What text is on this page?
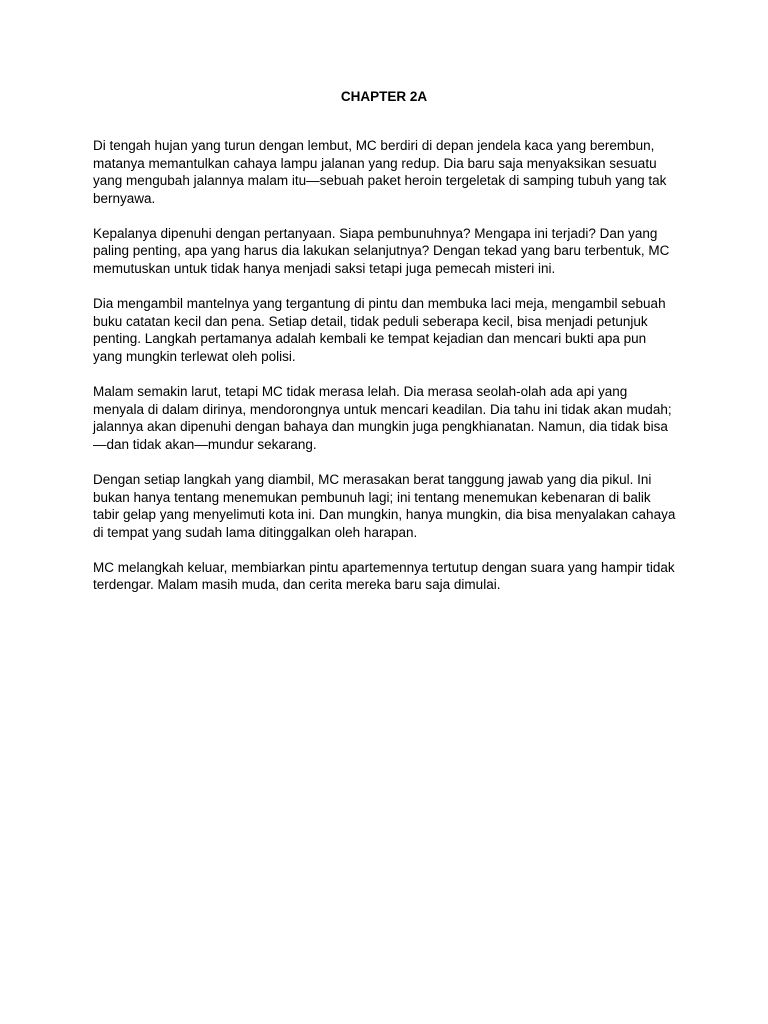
CHAPTER 2A

Di tengah hujan yang turun dengan lembut, MC berdiri di depan jendela kaca yang berembun, matanya memantulkan cahaya lampu jalanan yang redup. Dia baru saja menyaksikan sesuatu yang mengubah jalannya malam itu—sebuah paket heroin tergeletak di samping tubuh yang tak bernyawa.

Kepalanya dipenuhi dengan pertanyaan. Siapa pembunuhnya? Mengapa ini terjadi? Dan yang paling penting, apa yang harus dia lakukan selanjutnya? Dengan tekad yang baru terbentuk, MC memutuskan untuk tidak hanya menjadi saksi tetapi juga pemecah misteri ini.

Dia mengambil mantelnya yang tergantung di pintu dan membuka laci meja, mengambil sebuah buku catatan kecil dan pena. Setiap detail, tidak peduli seberapa kecil, bisa menjadi petunjuk penting. Langkah pertamanya adalah kembali ke tempat kejadian dan mencari bukti apa pun yang mungkin terlewat oleh polisi.

Malam semakin larut, tetapi MC tidak merasa lelah. Dia merasa seolah-olah ada api yang menyala di dalam dirinya, mendorongnya untuk mencari keadilan. Dia tahu ini tidak akan mudah; jalannya akan dipenuhi dengan bahaya dan mungkin juga pengkhianatan. Namun, dia tidak bisa—dan tidak akan—mundur sekarang.

Dengan setiap langkah yang diambil, MC merasakan berat tanggung jawab yang dia pikul. Ini bukan hanya tentang menemukan pembunuh lagi; ini tentang menemukan kebenaran di balik tabir gelap yang menyelimuti kota ini. Dan mungkin, hanya mungkin, dia bisa menyalakan cahaya di tempat yang sudah lama ditinggalkan oleh harapan.

MC melangkah keluar, membiarkan pintu apartemennya tertutup dengan suara yang hampir tidak terdengar. Malam masih muda, dan cerita mereka baru saja dimulai.
